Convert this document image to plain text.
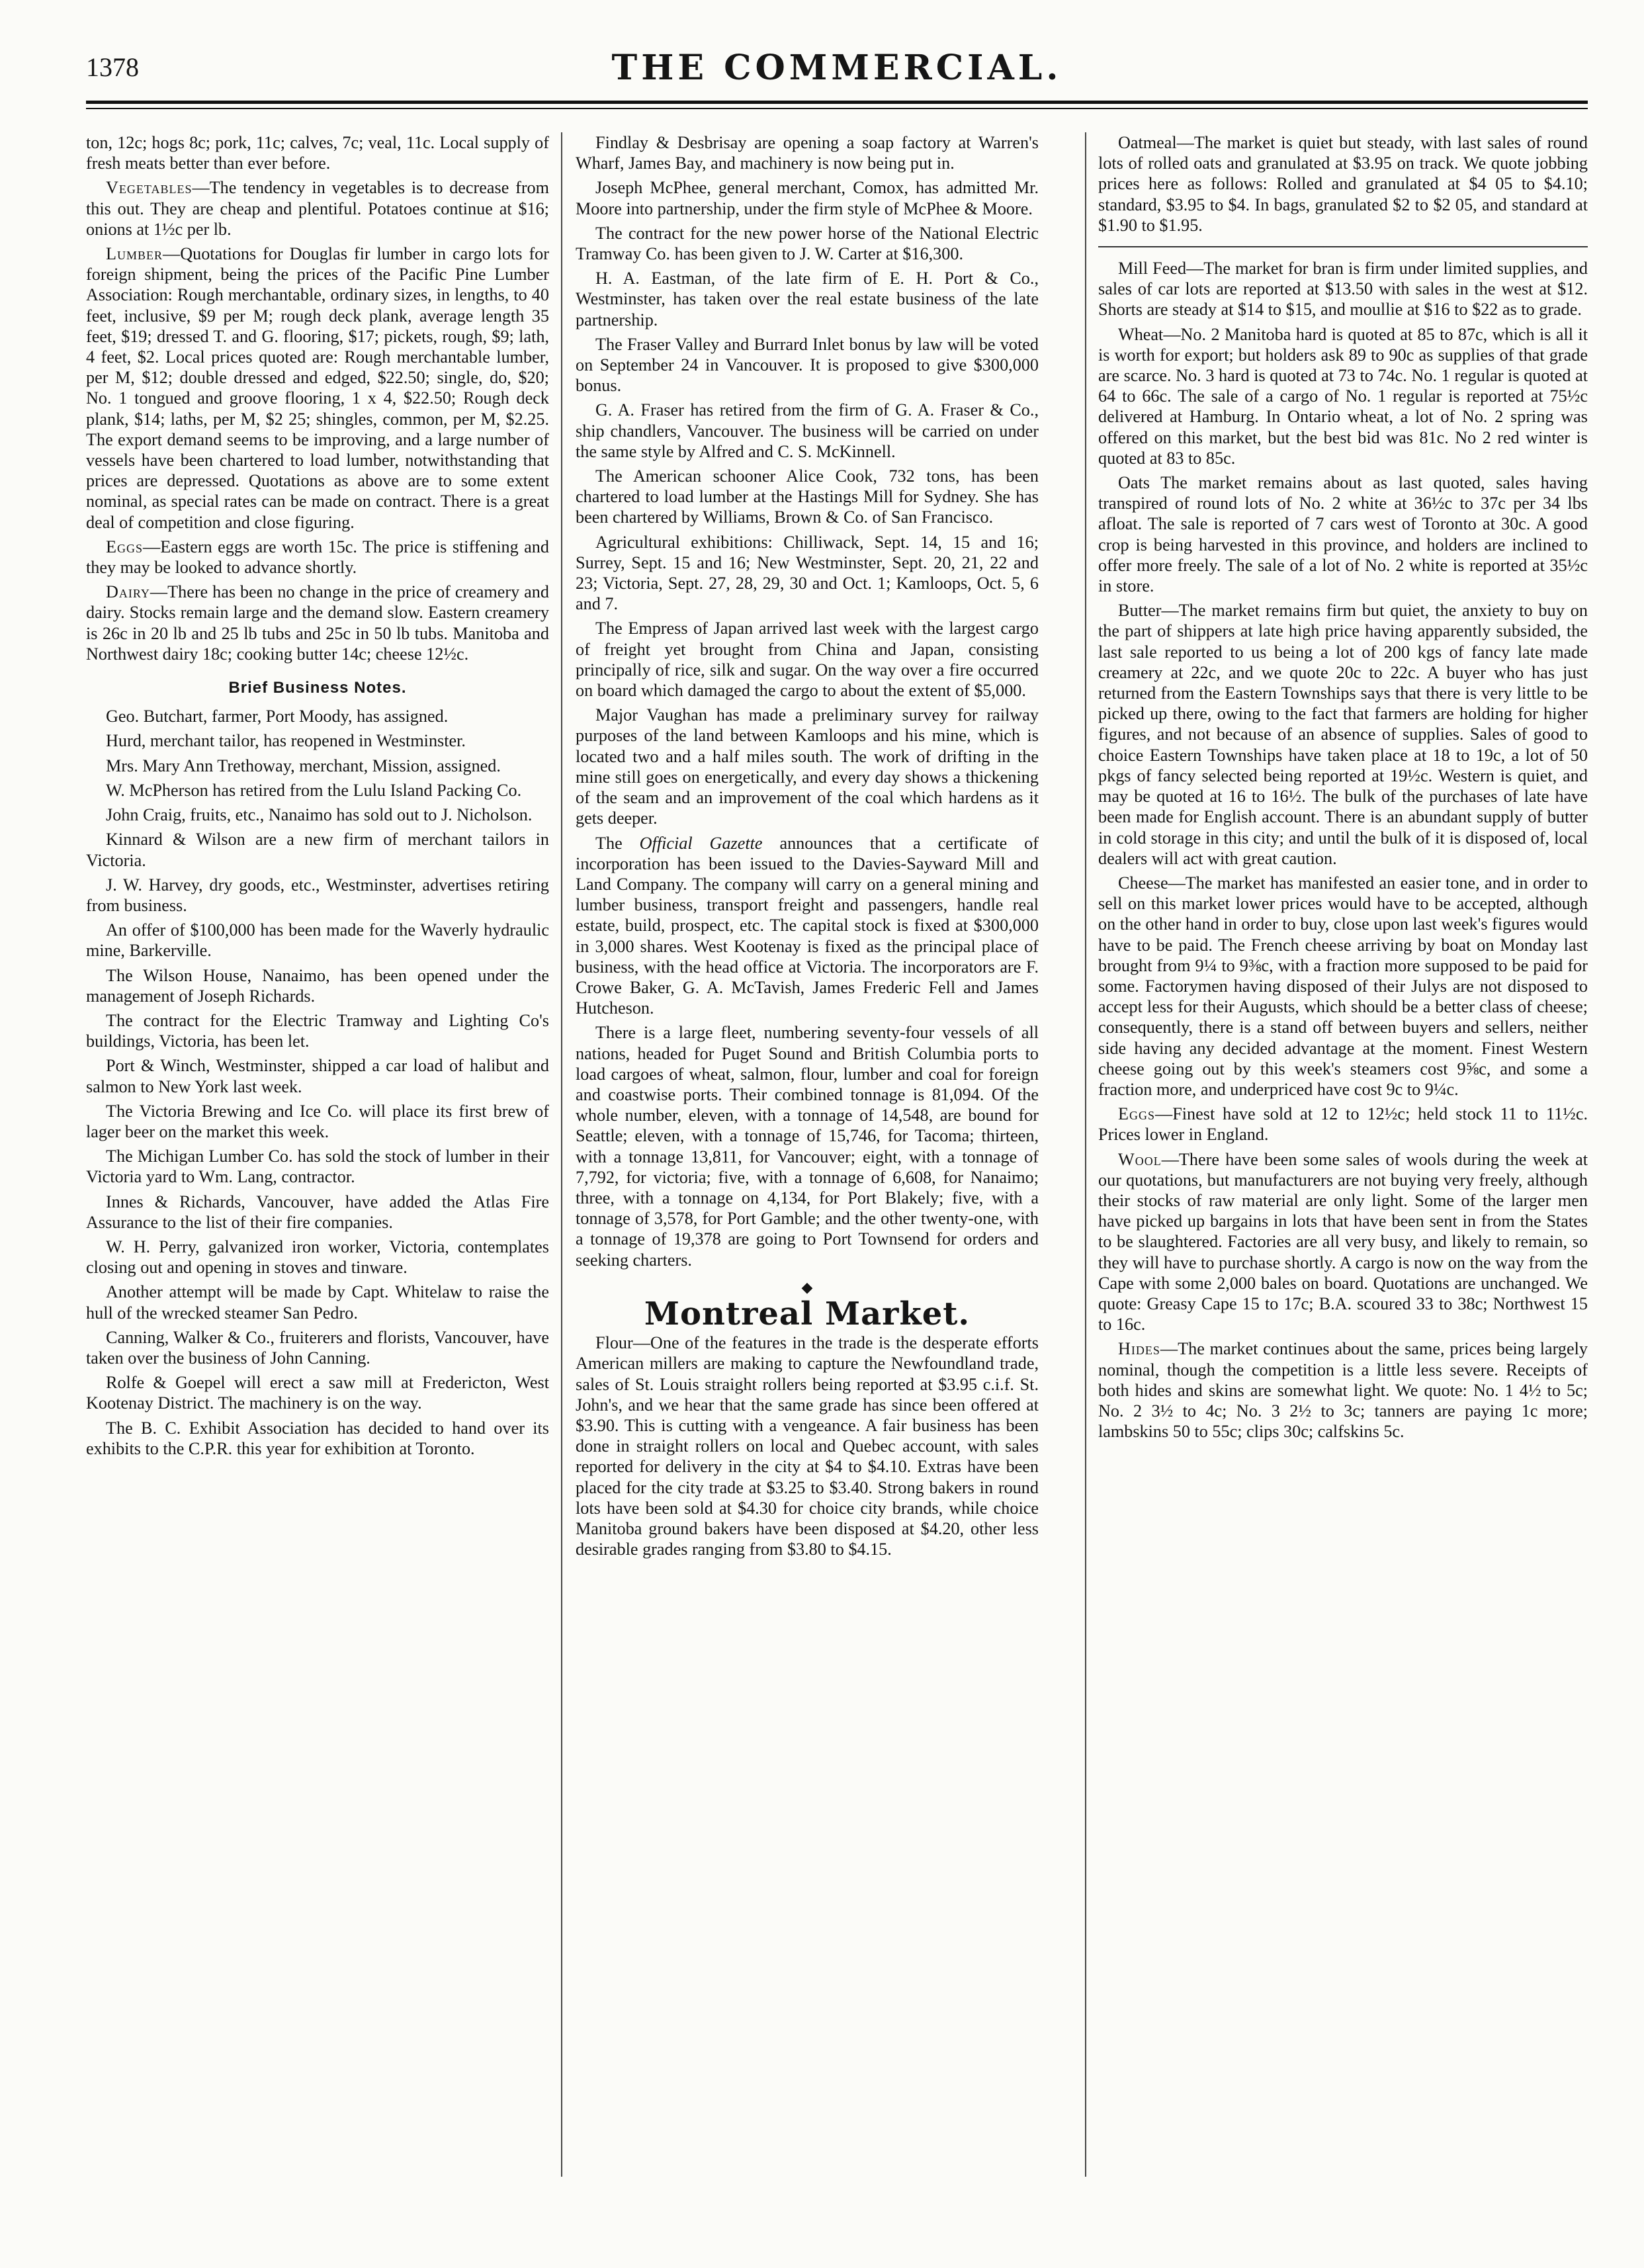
1378	THE COMMERCIAL.

ton, 12c; hogs 8c; pork, 11c; calves, 7c; veal, 11c. Local supply of fresh meats better than ever before.

Vegetables—The tendency in vegetables is to decrease from this out. They are cheap and plentiful. Potatoes continue at $16; onions at 1½c per lb.

Lumber—Quotations for Douglas fir lumber in cargo lots for foreign shipment, being the prices of the Pacific Pine Lumber Association: Rough merchantable, ordinary sizes, in lengths, to 40 feet, inclusive, $9 per M; rough deck plank, average length 35 feet, $19; dressed T. and G. flooring, $17; pickets, rough, $9; lath, 4 feet, $2. Local prices quoted are: Rough merchantable lumber, per M, $12; double dressed and edged, $22.50; single, do, $20; No. 1 tongued and groove flooring, 1 x 4, $22.50; Rough deck plank, $14; laths, per M, $2 25; shingles, common, per M, $2.25. The export demand seems to be improving, and a large number of vessels have been chartered to load lumber, notwithstanding that prices are depressed. Quotations as above are to some extent nominal, as special rates can be made on contract. There is a great deal of competition and close figuring.

Eggs—Eastern eggs are worth 15c. The price is stiffening and they may be looked to advance shortly.

Dairy—There has been no change in the price of creamery and dairy. Stocks remain large and the demand slow. Eastern creamery is 26c in 20 lb and 25 lb tubs and 25c in 50 lb tubs. Manitoba and Northwest dairy 18c; cooking butter 14c; cheese 12½c.

Brief Business Notes.

Geo. Butchart, farmer, Port Moody, has assigned.

Hurd, merchant tailor, has reopened in Westminster.

Mrs. Mary Ann Trethoway, merchant, Mission, assigned.

W. McPherson has retired from the Lulu Island Packing Co.

John Craig, fruits, etc., Nanaimo has sold out to J. Nicholson.

Kinnard & Wilson are a new firm of merchant tailors in Victoria.

J. W. Harvey, dry goods, etc., Westminster, advertises retiring from business.

An offer of $100,000 has been made for the Waverly hydraulic mine, Barkerville.

The Wilson House, Nanaimo, has been opened under the management of Joseph Richards.

The contract for the Electric Tramway and Lighting Co's buildings, Victoria, has been let.

Port & Winch, Westminster, shipped a car load of halibut and salmon to New York last week.

The Victoria Brewing and Ice Co. will place its first brew of lager beer on the market this week.

The Michigan Lumber Co. has sold the stock of lumber in their Victoria yard to Wm. Lang, contractor.

Innes & Richards, Vancouver, have added the Atlas Fire Assurance to the list of their fire companies.

W. H. Perry, galvanized iron worker, Victoria, contemplates closing out and opening in stoves and tinware.

Another attempt will be made by Capt. Whitelaw to raise the hull of the wrecked steamer San Pedro.

Canning, Walker & Co., fruiterers and florists, Vancouver, have taken over the business of John Canning.

Rolfe & Goepel will erect a saw mill at Fredericton, West Kootenay District. The machinery is on the way.

The B. C. Exhibit Association has decided to hand over its exhibits to the C.P.R. this year for exhibition at Toronto.

Findlay & Desbrisay are opening a soap factory at Warren's Wharf, James Bay, and machinery is now being put in.

Joseph McPhee, general merchant, Comox, has admitted Mr. Moore into partnership, under the firm style of McPhee & Moore.

The contract for the new power horse of the National Electric Tramway Co. has been given to J. W. Carter at $16,300.

H. A. Eastman, of the late firm of E. H. Port & Co., Westminster, has taken over the real estate business of the late partnership.

The Fraser Valley and Burrard Inlet bonus by law will be voted on September 24 in Vancouver. It is proposed to give $300,000 bonus.

G. A. Fraser has retired from the firm of G. A. Fraser & Co., ship chandlers, Vancouver. The business will be carried on under the same style by Alfred and C. S. McKinnell.

The American schooner Alice Cook, 732 tons, has been chartered to load lumber at the Hastings Mill for Sydney. She has been chartered by Williams, Brown & Co. of San Francisco.

Agricultural exhibitions: Chilliwack, Sept. 14, 15 and 16; Surrey, Sept. 15 and 16; New Westminster, Sept. 20, 21, 22 and 23; Victoria, Sept. 27, 28, 29, 30 and Oct. 1; Kamloops, Oct. 5, 6 and 7.

The Empress of Japan arrived last week with the largest cargo of freight yet brought from China and Japan, consisting principally of rice, silk and sugar. On the way over a fire occurred on board which damaged the cargo to about the extent of $5,000.

Major Vaughan has made a preliminary survey for railway purposes of the land between Kamloops and his mine, which is located two and a half miles south. The work of drifting in the mine still goes on energetically, and every day shows a thickening of the seam and an improvement of the coal which hardens as it gets deeper.

The Official Gazette announces that a certificate of incorporation has been issued to the Davies-Sayward Mill and Land Company. The company will carry on a general mining and lumber business, transport freight and passengers, handle real estate, build, prospect, etc. The capital stock is fixed at $300,000 in 3,000 shares. West Kootenay is fixed as the principal place of business, with the head office at Victoria. The incorporators are F. Crowe Baker, G. A. McTavish, James Frederic Fell and James Hutcheson.

There is a large fleet, numbering seventy-four vessels of all nations, headed for Puget Sound and British Columbia ports to load cargoes of wheat, salmon, flour, lumber and coal for foreign and coastwise ports. Their combined tonnage is 81,094. Of the whole number, eleven, with a tonnage of 14,548, are bound for Seattle; eleven, with a tonnage of 15,746, for Tacoma; thirteen, with a tonnage 13,811, for Vancouver; eight, with a tonnage of 7,792, for victoria; five, with a tonnage of 6,608, for Nanaimo; three, with a tonnage on 4,134, for Port Blakely; five, with a tonnage of 3,578, for Port Gamble; and the other twenty-one, with a tonnage of 19,378 are going to Port Townsend for orders and seeking charters.

◆
Montreal Market.

Flour—One of the features in the trade is the desperate efforts American millers are making to capture the Newfoundland trade, sales of St. Louis straight rollers being reported at $3.95 c.i.f. St. John's, and we hear that the same grade has since been offered at $3.90. This is cutting with a vengeance. A fair business has been done in straight rollers on local and Quebec account, with sales reported for delivery in the city at $4 to $4.10. Extras have been placed for the city trade at $3.25 to $3.40. Strong bakers in round lots have been sold at $4.30 for choice city brands, while choice Manitoba ground bakers have been disposed at $4.20, other less desirable grades ranging from $3.80 to $4.15.

Oatmeal—The market is quiet but steady, with last sales of round lots of rolled oats and granulated at $3.95 on track. We quote jobbing prices here as follows: Rolled and granulated at $4 05 to $4.10; standard, $3.95 to $4. In bags, granulated $2 to $2 05, and standard at $1.90 to $1.95.

Mill Feed—The market for bran is firm under limited supplies, and sales of car lots are reported at $13.50 with sales in the west at $12. Shorts are steady at $14 to $15, and moullie at $16 to $22 as to grade.

Wheat—No. 2 Manitoba hard is quoted at 85 to 87c, which is all it is worth for export; but holders ask 89 to 90c as supplies of that grade are scarce. No. 3 hard is quoted at 73 to 74c. No. 1 regular is quoted at 64 to 66c. The sale of a cargo of No. 1 regular is reported at 75½c delivered at Hamburg. In Ontario wheat, a lot of No. 2 spring was offered on this market, but the best bid was 81c. No 2 red winter is quoted at 83 to 85c.

Oats The market remains about as last quoted, sales having transpired of round lots of No. 2 white at 36½c to 37c per 34 lbs afloat. The sale is reported of 7 cars west of Toronto at 30c. A good crop is being harvested in this province, and holders are inclined to offer more freely. The sale of a lot of No. 2 white is reported at 35½c in store.

Butter—The market remains firm but quiet, the anxiety to buy on the part of shippers at late high price having apparently subsided, the last sale reported to us being a lot of 200 kgs of fancy late made creamery at 22c, and we quote 20c to 22c. A buyer who has just returned from the Eastern Townships says that there is very little to be picked up there, owing to the fact that farmers are holding for higher figures, and not because of an absence of supplies. Sales of good to choice Eastern Townships have taken place at 18 to 19c, a lot of 50 pkgs of fancy selected being reported at 19½c. Western is quiet, and may be quoted at 16 to 16½. The bulk of the purchases of late have been made for English account. There is an abundant supply of butter in cold storage in this city; and until the bulk of it is disposed of, local dealers will act with great caution.

Cheese—The market has manifested an easier tone, and in order to sell on this market lower prices would have to be accepted, although on the other hand in order to buy, close upon last week's figures would have to be paid. The French cheese arriving by boat on Monday last brought from 9¼ to 9⅜c, with a fraction more supposed to be paid for some. Factorymen having disposed of their Julys are not disposed to accept less for their Augusts, which should be a better class of cheese; consequently, there is a stand off between buyers and sellers, neither side having any decided advantage at the moment. Finest Western cheese going out by this week's steamers cost 9⅝c, and some a fraction more, and underpriced have cost 9c to 9¼c.

Eggs—Finest have sold at 12 to 12½c; held stock 11 to 11½c. Prices lower in England.

Wool—There have been some sales of wools during the week at our quotations, but manufacturers are not buying very freely, although their stocks of raw material are only light. Some of the larger men have picked up bargains in lots that have been sent in from the States to be slaughtered. Factories are all very busy, and likely to remain, so they will have to purchase shortly. A cargo is now on the way from the Cape with some 2,000 bales on board. Quotations are unchanged. We quote: Greasy Cape 15 to 17c; B.A. scoured 33 to 38c; Northwest 15 to 16c.

Hides—The market continues about the same, prices being largely nominal, though the competition is a little less severe. Receipts of both hides and skins are somewhat light. We quote: No. 1 4½ to 5c; No. 2 3½ to 4c; No. 3 2½ to 3c; tanners are paying 1c more; lambskins 50 to 55c; clips 30c; calfskins 5c.
